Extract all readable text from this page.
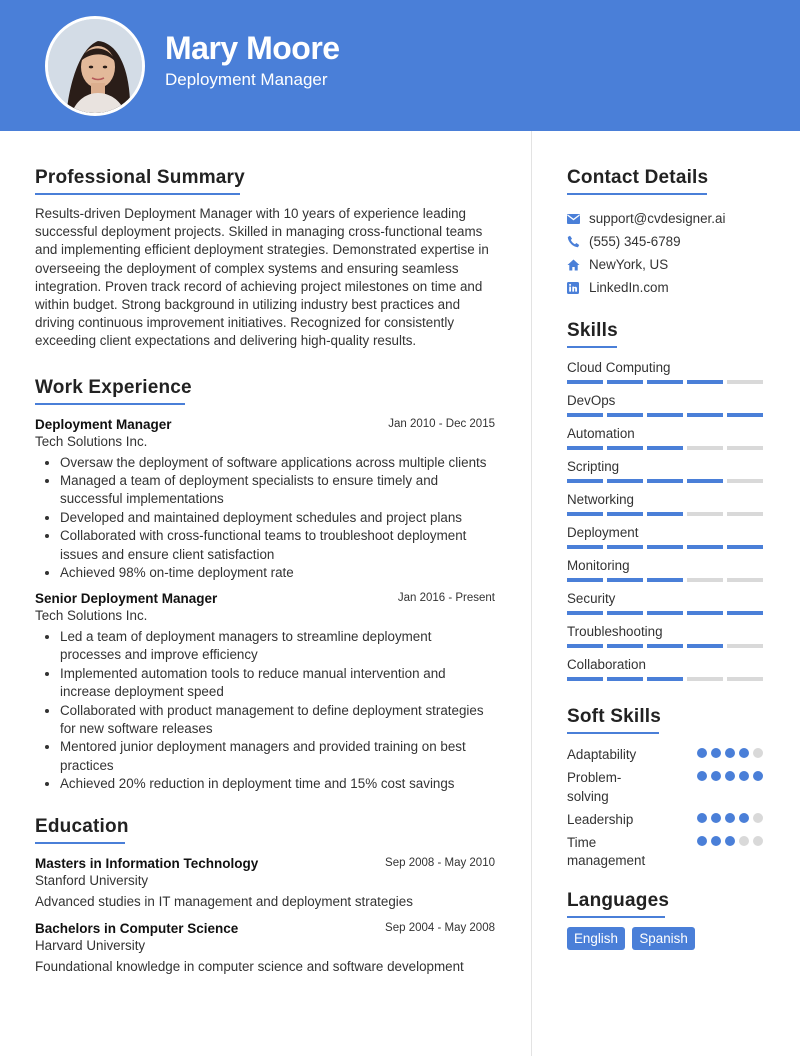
Mary Moore
Deployment Manager
Professional Summary
Results-driven Deployment Manager with 10 years of experience leading successful deployment projects. Skilled in managing cross-functional teams and implementing efficient deployment strategies. Demonstrated expertise in overseeing the deployment of complex systems and ensuring seamless integration. Proven track record of achieving project milestones on time and within budget. Strong background in utilizing industry best practices and driving continuous improvement initiatives. Recognized for consistently exceeding client expectations and delivering high-quality results.
Work Experience
Deployment Manager	Jan 2010 - Dec 2015
Tech Solutions Inc.
• Oversaw the deployment of software applications across multiple clients
• Managed a team of deployment specialists to ensure timely and successful implementations
• Developed and maintained deployment schedules and project plans
• Collaborated with cross-functional teams to troubleshoot deployment issues and ensure client satisfaction
• Achieved 98% on-time deployment rate
Senior Deployment Manager	Jan 2016 - Present
Tech Solutions Inc.
• Led a team of deployment managers to streamline deployment processes and improve efficiency
• Implemented automation tools to reduce manual intervention and increase deployment speed
• Collaborated with product management to define deployment strategies for new software releases
• Mentored junior deployment managers and provided training on best practices
• Achieved 20% reduction in deployment time and 15% cost savings
Education
Masters in Information Technology	Sep 2008 - May 2010
Stanford University
Advanced studies in IT management and deployment strategies
Bachelors in Computer Science	Sep 2004 - May 2008
Harvard University
Foundational knowledge in computer science and software development
Contact Details
support@cvdesigner.ai
(555) 345-6789
NewYork, US
LinkedIn.com
Skills
Cloud Computing
DevOps
Automation
Scripting
Networking
Deployment
Monitoring
Security
Troubleshooting
Collaboration
Soft Skills
Adaptability
Problem-solving
Leadership
Time management
Languages
English Spanish
